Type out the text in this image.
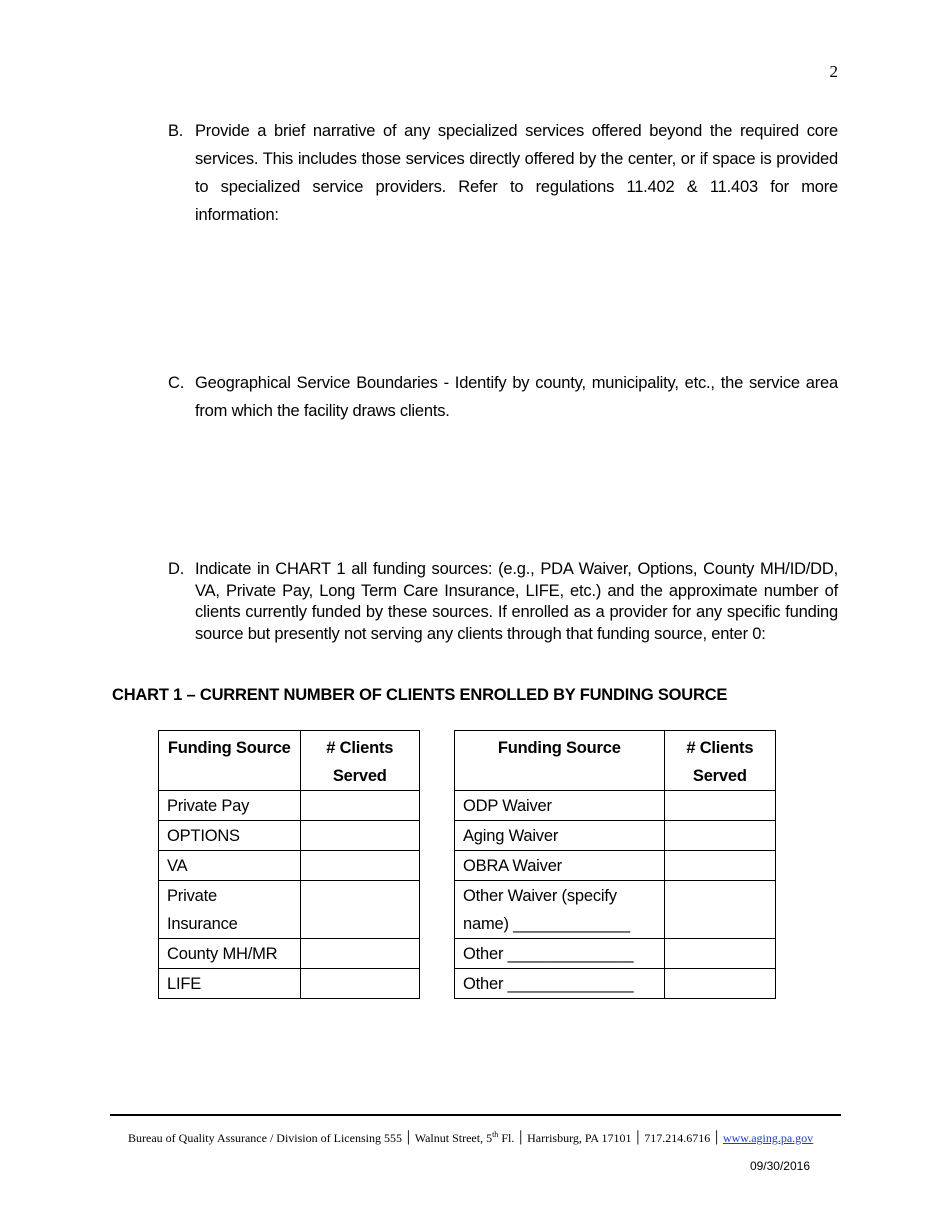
2
B. Provide a brief narrative of any specialized services offered beyond the required core services. This includes those services directly offered by the center, or if space is provided to specialized service providers. Refer to regulations 11.402 & 11.403 for more information:
C. Geographical Service Boundaries - Identify by county, municipality, etc., the service area from which the facility draws clients.
D. Indicate in CHART 1 all funding sources: (e.g., PDA Waiver, Options, County MH/ID/DD, VA, Private Pay, Long Term Care Insurance, LIFE, etc.) and the approximate number of clients currently funded by these sources. If enrolled as a provider for any specific funding source but presently not serving any clients through that funding source, enter 0:
CHART 1 – CURRENT NUMBER OF CLIENTS ENROLLED BY FUNDING SOURCE
Funding Source	# Clients Served
Private Pay	
OPTIONS	
VA	
Private Insurance	
County MH/MR	
LIFE	
Funding Source	# Clients Served
ODP Waiver	
Aging Waiver	
OBRA Waiver	
Other Waiver (specify name) _____________	
Other ______________	
Other ______________	
Bureau of Quality Assurance / Division of Licensing ׀ 555 Walnut Street, 5th Fl. ׀ Harrisburg, PA 17101 ׀ 717.214.6716 ׀ www.aging.pa.gov
09/30/2016
